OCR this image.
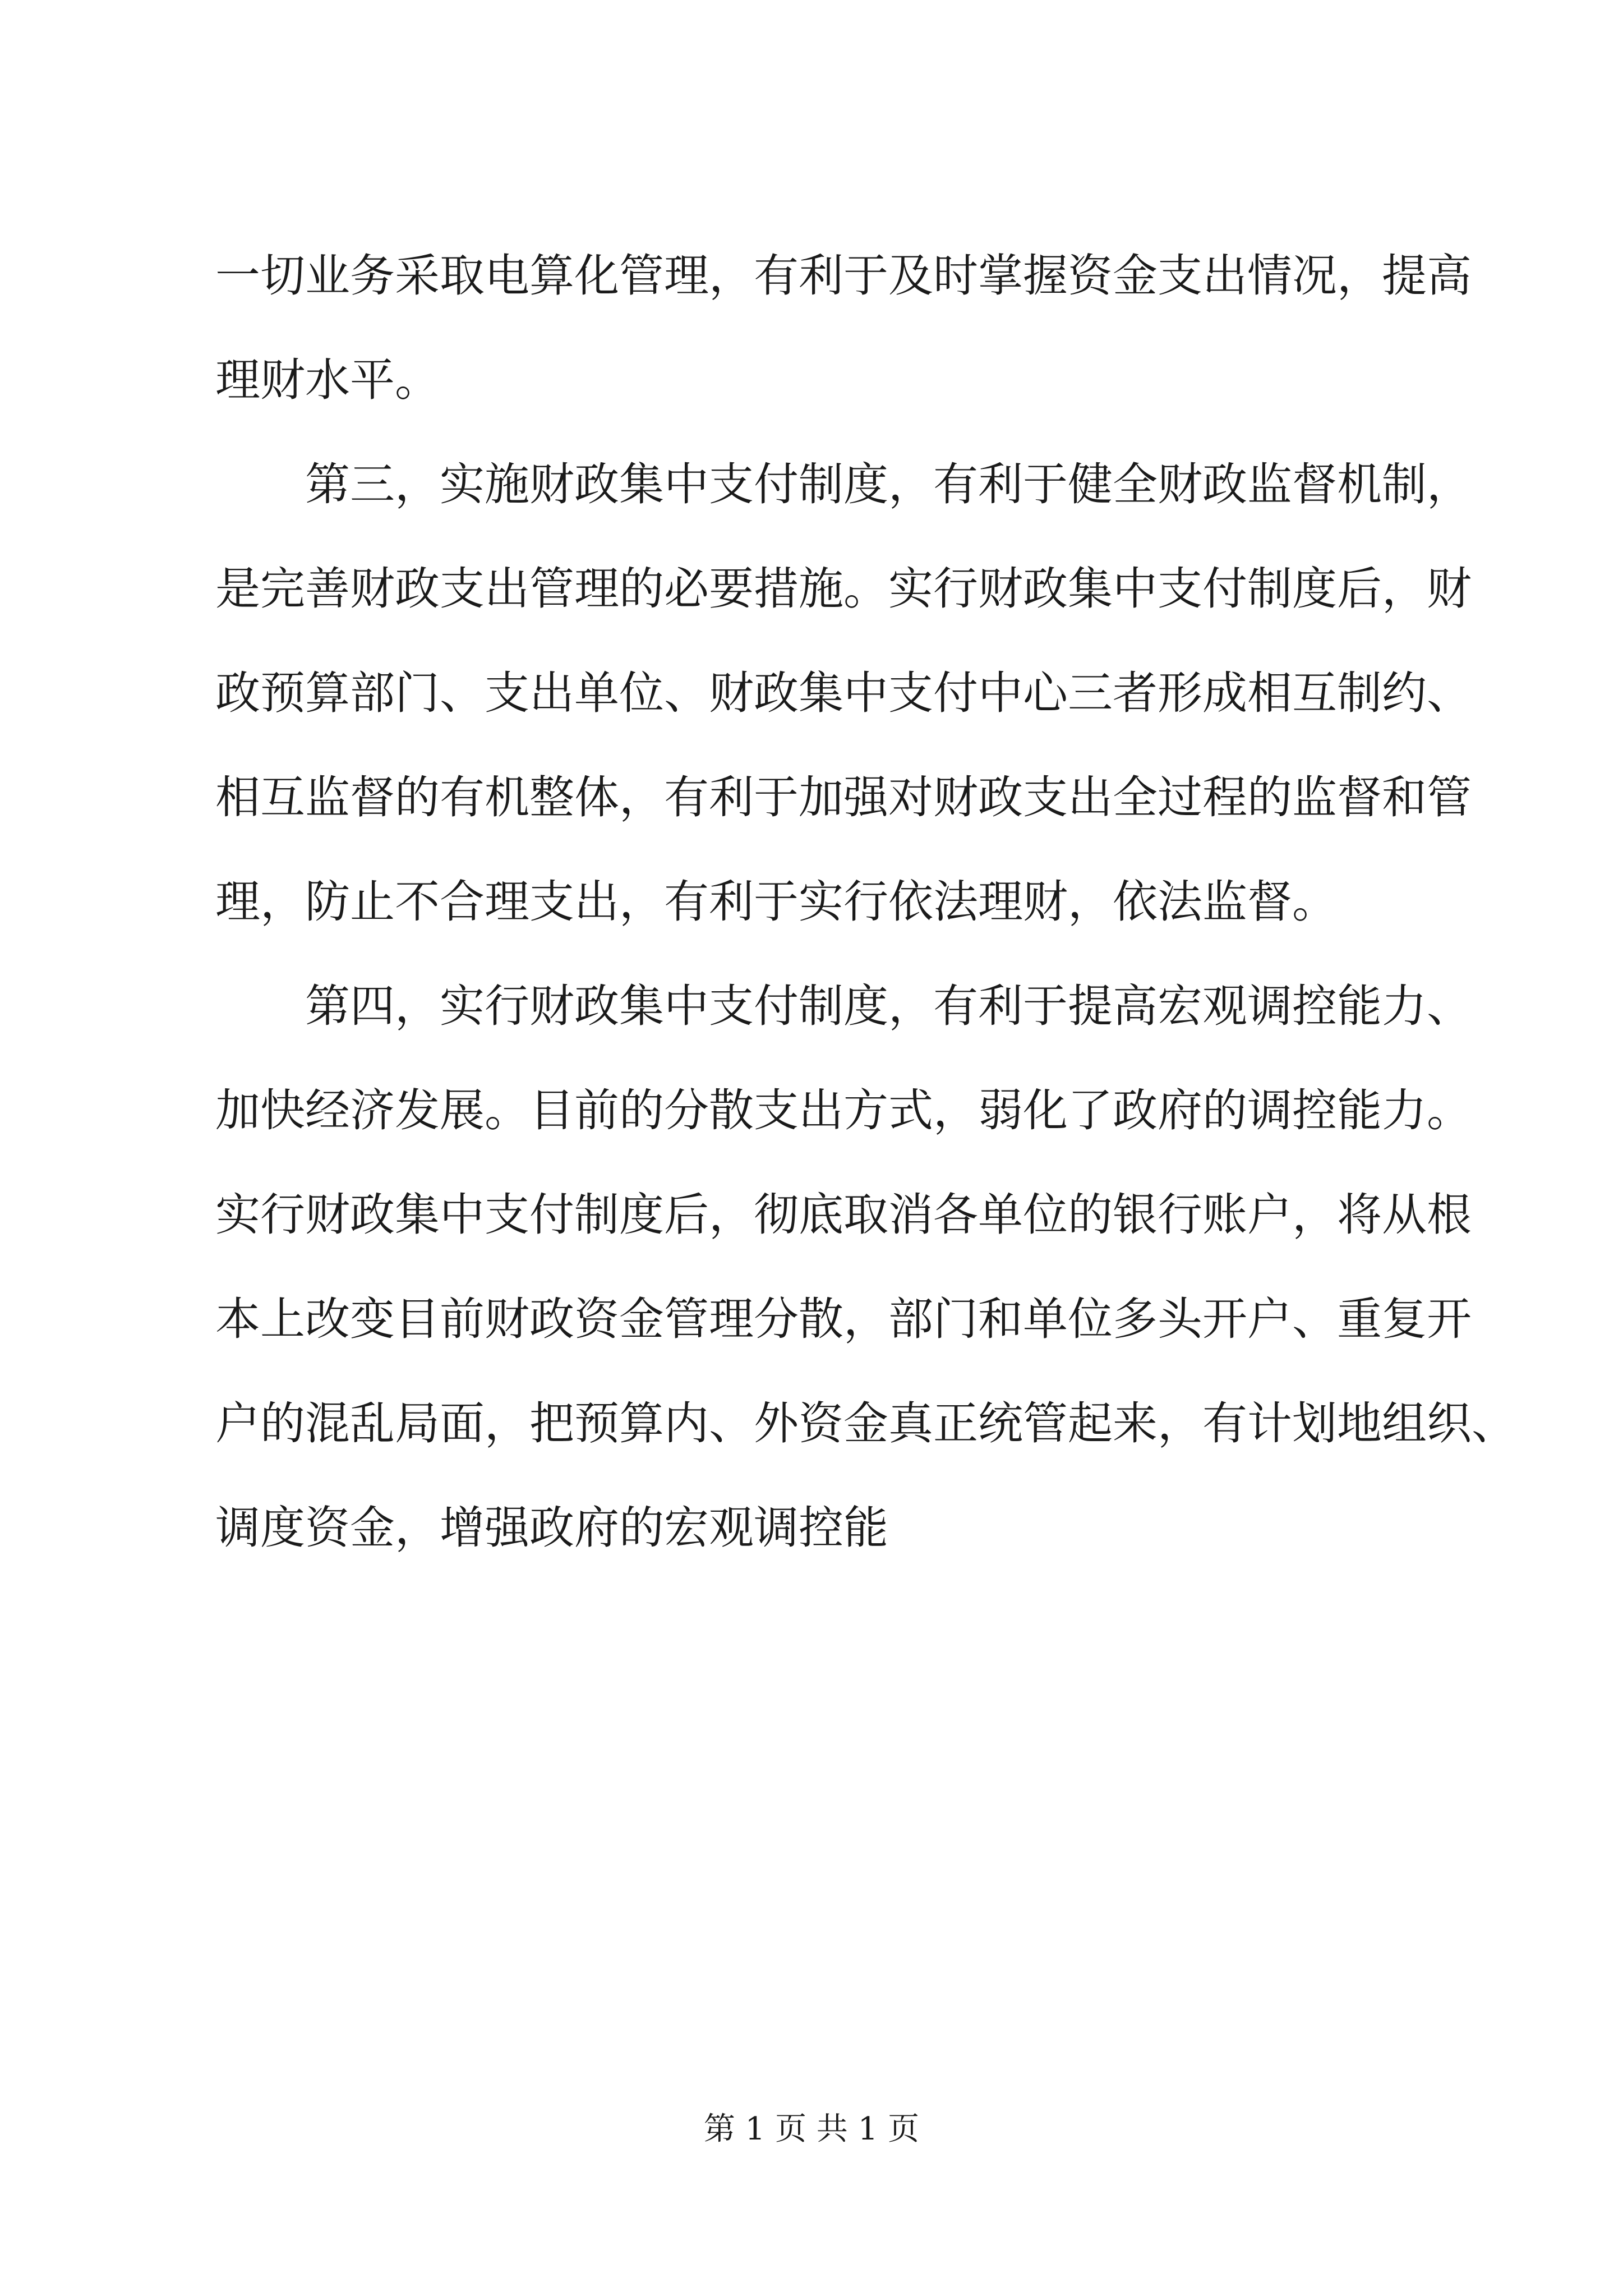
一切业务采取电算化管理，有利于及时掌握资金支出情况，提高
理财水平。
第三，实施财政集中支付制度，有利于健全财政监督机制，
是完善财政支出管理的必要措施。实行财政集中支付制度后，财
政预算部门、支出单位、财政集中支付中心三者形成相互制约、
相互监督的有机整体，有利于加强对财政支出全过程的监督和管
理，防止不合理支出，有利于实行依法理财，依法监督。
第四，实行财政集中支付制度，有利于提高宏观调控能力、
加快经济发展。目前的分散支出方式，弱化了政府的调控能力。
实行财政集中支付制度后，彻底取消各单位的银行账户，将从根
本上改变目前财政资金管理分散，部门和单位多头开户、重复开
户的混乱局面，把预算内、外资金真正统管起来，有计划地组织、
调度资金，增强政府的宏观调控能
第 1 页 共 1 页
